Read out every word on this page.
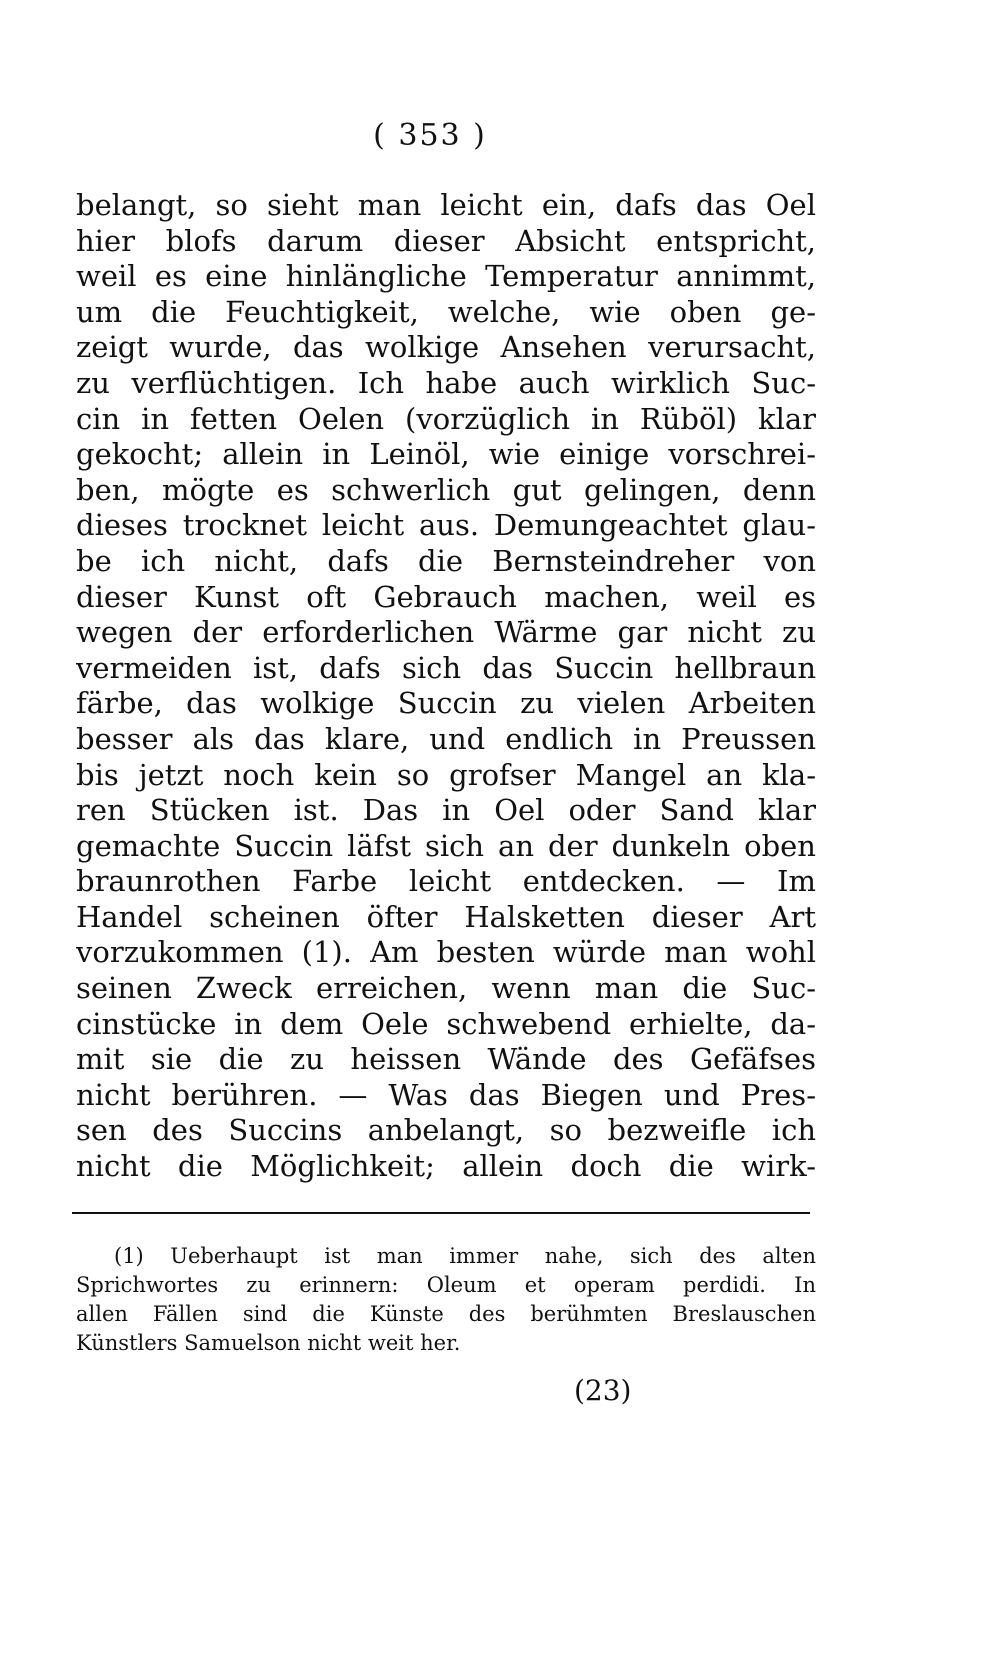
( 353 )
belangt, so sieht man leicht ein, dafs das Oel
hier blofs darum dieser Absicht entspricht,
weil es eine hinlängliche Temperatur annimmt,
um die Feuchtigkeit, welche, wie oben ge-
zeigt wurde, das wolkige Ansehen verursacht,
zu verflüchtigen. Ich habe auch wirklich Suc-
cin in fetten Oelen (vorzüglich in Rüböl) klar
gekocht; allein in Leinöl, wie einige vorschrei-
ben, mögte es schwerlich gut gelingen, denn
dieses trocknet leicht aus. Demungeachtet glau-
be ich nicht, dafs die Bernsteindreher von
dieser Kunst oft Gebrauch machen, weil es
wegen der erforderlichen Wärme gar nicht zu
vermeiden ist, dafs sich das Succin hellbraun
färbe, das wolkige Succin zu vielen Arbeiten
besser als das klare, und endlich in Preussen
bis jetzt noch kein so grofser Mangel an kla-
ren Stücken ist. Das in Oel oder Sand klar
gemachte Succin läfst sich an der dunkeln oben
braunrothen Farbe leicht entdecken. — Im
Handel scheinen öfter Halsketten dieser Art
vorzukommen (1). Am besten würde man wohl
seinen Zweck erreichen, wenn man die Suc-
cinstücke in dem Oele schwebend erhielte, da-
mit sie die zu heissen Wände des Gefäfses
nicht berühren. — Was das Biegen und Pres-
sen des Succins anbelangt, so bezweifle ich
nicht die Möglichkeit; allein doch die wirk-
(1) Ueberhaupt ist man immer nahe, sich des alten
Sprichwortes zu erinnern: Oleum et operam perdidi. In
allen Fällen sind die Künste des berühmten Breslauschen
Künstlers Samuelson nicht weit her.
(23)
